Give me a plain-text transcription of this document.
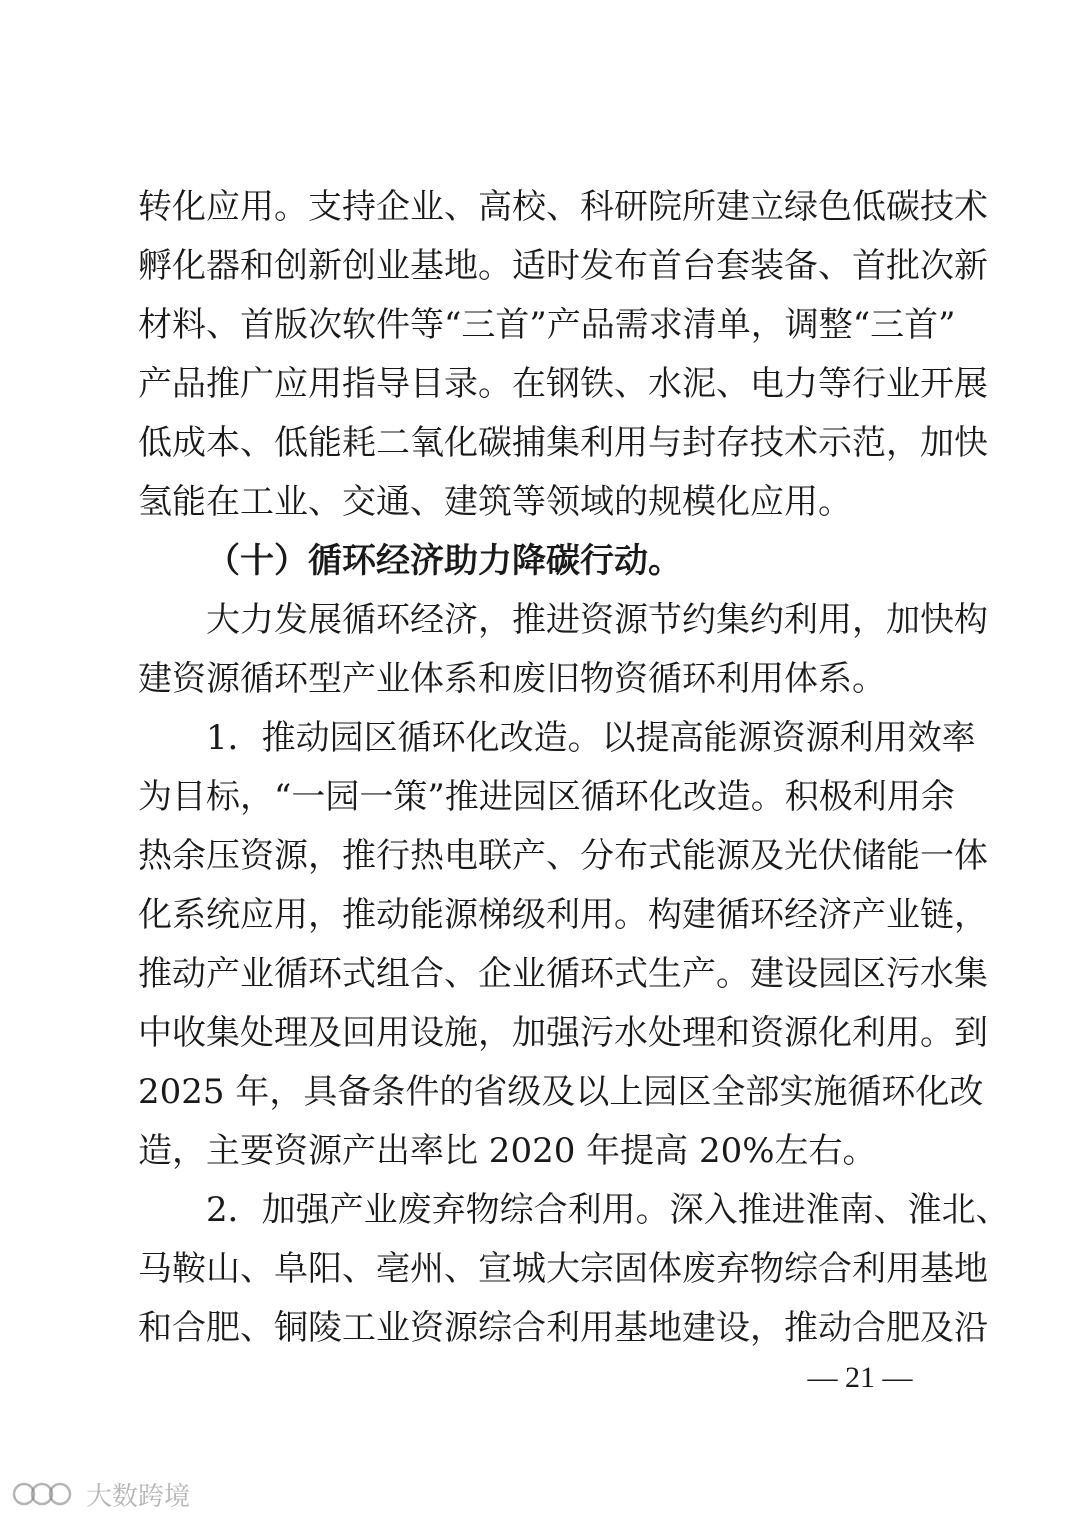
转化应用。支持企业、高校、科研院所建立绿色低碳技术
孵化器和创新创业基地。适时发布首台套装备、首批次新
材料、首版次软件等“三首”产品需求清单，调整“三首”
产品推广应用指导目录。在钢铁、水泥、电力等行业开展
低成本、低能耗二氧化碳捕集利用与封存技术示范，加快
氢能在工业、交通、建筑等领域的规模化应用。
（十）循环经济助力降碳行动。
大力发展循环经济，推进资源节约集约利用，加快构
建资源循环型产业体系和废旧物资循环利用体系。
1．推动园区循环化改造。以提高能源资源利用效率
为目标，“一园一策”推进园区循环化改造。积极利用余
热余压资源，推行热电联产、分布式能源及光伏储能一体
化系统应用，推动能源梯级利用。构建循环经济产业链，
推动产业循环式组合、企业循环式生产。建设园区污水集
中收集处理及回用设施，加强污水处理和资源化利用。到
2025 年，具备条件的省级及以上园区全部实施循环化改
造，主要资源产出率比 2020 年提高 20%左右。
2．加强产业废弃物综合利用。深入推进淮南、淮北、
马鞍山、阜阳、亳州、宣城大宗固体废弃物综合利用基地
和合肥、铜陵工业资源综合利用基地建设，推动合肥及沿
— 21 —
大数跨境
